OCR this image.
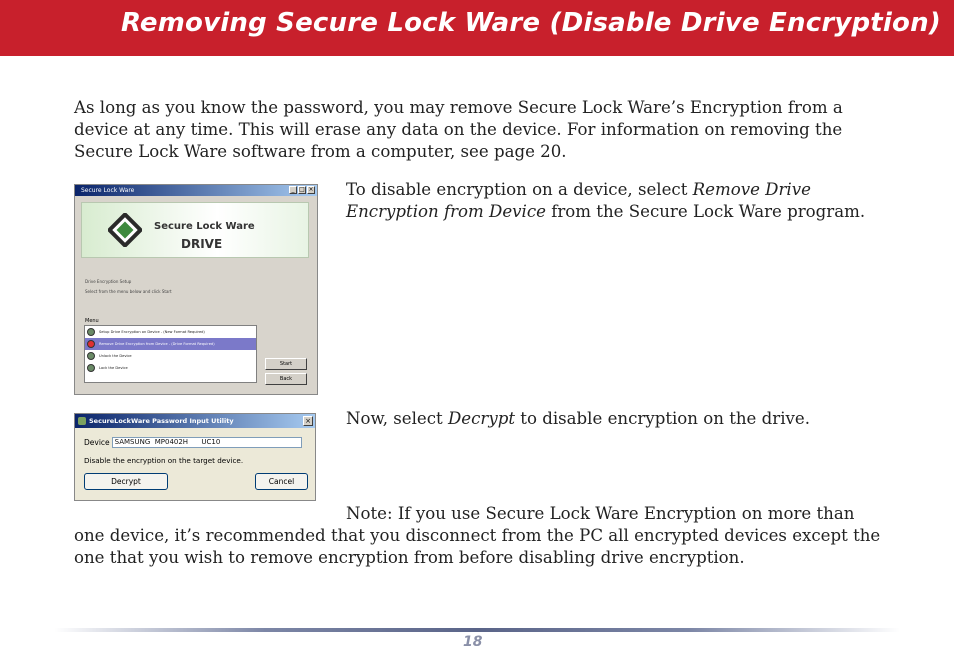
Removing Secure Lock Ware (Disable Drive Encryption)

As long as you know the password, you may remove Secure Lock Ware’s Encryption from a device at any time. This will erase any data on the device. For information on removing the Secure Lock Ware software from a computer, see page 20.

Secure Lock Ware	_ □ ×
Secure Lock Ware
DRIVE
Drive Encryption Setup
Select from the menu below and click Start
Menu
Setup Drive Encryption on Device - (New Format Required)
Remove Drive Encryption from Device - (Drive Format Required)
Unlock the Device
Lock the Device
Start
Back

To disable encryption on a device, select Remove Drive Encryption from Device from the Secure Lock Ware program.

SecureLockWare Password Input Utility	×
Device SAMSUNG  MP0402H      UC10
Disable the encryption on the target device.
Decrypt	Cancel

Now, select Decrypt to disable encryption on the drive.

Note: If you use Secure Lock Ware Encryption on more than

one device, it’s recommended that you disconnect from the PC all encrypted devices except the one that you wish to remove encryption from before disabling drive encryption.

18
